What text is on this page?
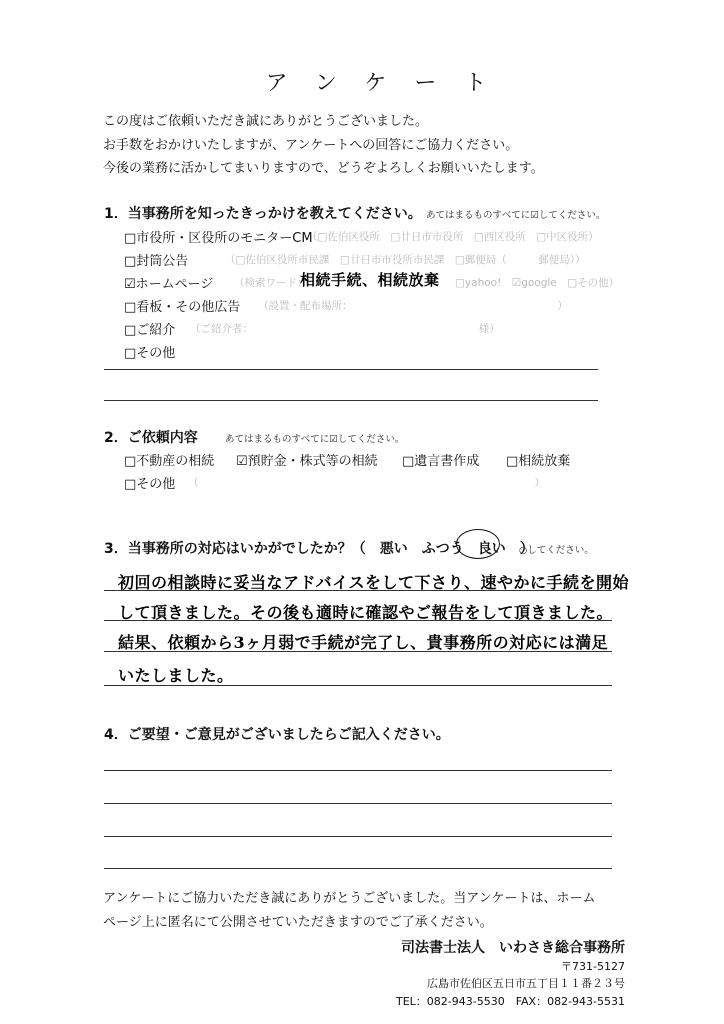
アンケート
この度はご依頼いただき誠にありがとうございました。
お手数をおかけいたしますが、アンケートへの回答にご協力ください。
今後の業務に活かしてまいりますので、どうぞよろしくお願いいたします。
1．当事務所を知ったきっかけを教えてください。 あてはまるものすべてに☑してください。
□市役所・区役所のモニターCM
（□佐伯区役所　□廿日市市役所　□西区役所　□中区役所）
□封筒公告	（□佐伯区役所市民課　□廿日市市役所市民課　□郵便局（　　　郵便局））
☑ホームページ （検索ワード：
相続手続、相続放棄 □yahoo!　☑google　□その他）
□看板・その他広告 （設置・配布場所：　　　　　　　　　　　　　　　　　　　　）
□ご紹介 （ご紹介者：　　　　　　　　　　　　　　　　　　　　　　様）
□その他
2．ご依頼内容	あてはまるものすべてに☑してください。
□不動産の相続 ☑預貯金・株式等の相続 □遺言書作成 □相続放棄
□その他 （　　　　　　　　　　　　　　　　　　　　　　　　　　　　　　　　）
3．当事務所の対応はいかがでしたか？（　悪い　ふつう　良い　）
○してください。
初回の相談時に妥当なアドバイスをして下さり、速やかに手続を開始
して頂きました。その後も適時に確認やご報告をして頂きました。
結果、依頼から3ヶ月弱で手続が完了し、貴事務所の対応には満足
いたしました。
4．ご要望・ご意見がございましたらご記入ください。
アンケートにご協力いただき誠にありがとうございました。当アンケートは、ホーム
ページ上に匿名にて公開させていただきますのでご了承ください。
司法書士法人　いわさき総合事務所
〒731-5127
広島市佐伯区五日市五丁目１１番２３号
TEL：082-943-5530　FAX：082-943-5531
